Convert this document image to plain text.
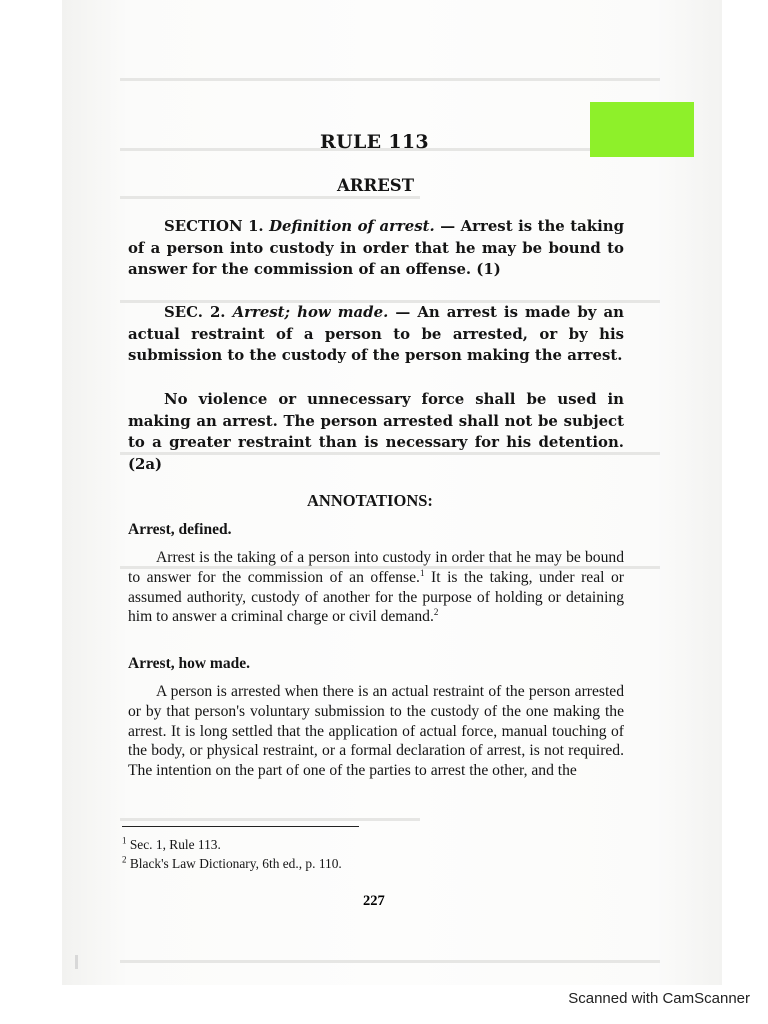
RULE 113
ARREST
SECTION 1. Definition of arrest. — Arrest is the taking of a person into custody in order that he may be bound to answer for the commission of an offense. (1)
SEC. 2. Arrest; how made. — An arrest is made by an actual restraint of a person to be arrested, or by his submission to the custody of the person making the arrest.
No violence or unnecessary force shall be used in making an arrest. The person arrested shall not be subject to a greater restraint than is necessary for his detention. (2a)
ANNOTATIONS:
Arrest, defined.
Arrest is the taking of a person into custody in order that he may be bound to answer for the commission of an offense.$^1$ It is the taking, under real or assumed authority, custody of another for the purpose of holding or detaining him to answer a criminal charge or civil demand.$^2$
Arrest, how made.
A person is arrested when there is an actual restraint of the person arrested or by that person's voluntary submission to the custody of the one making the arrest. It is long settled that the application of actual force, manual touching of the body, or physical restraint, or a formal declaration of arrest, is not required. The intention on the part of one of the parties to arrest the other, and the
$^1$ Sec. 1, Rule 113.
$^2$ Black's Law Dictionary, 6th ed., p. 110.
227
Scanned with CamScanner
